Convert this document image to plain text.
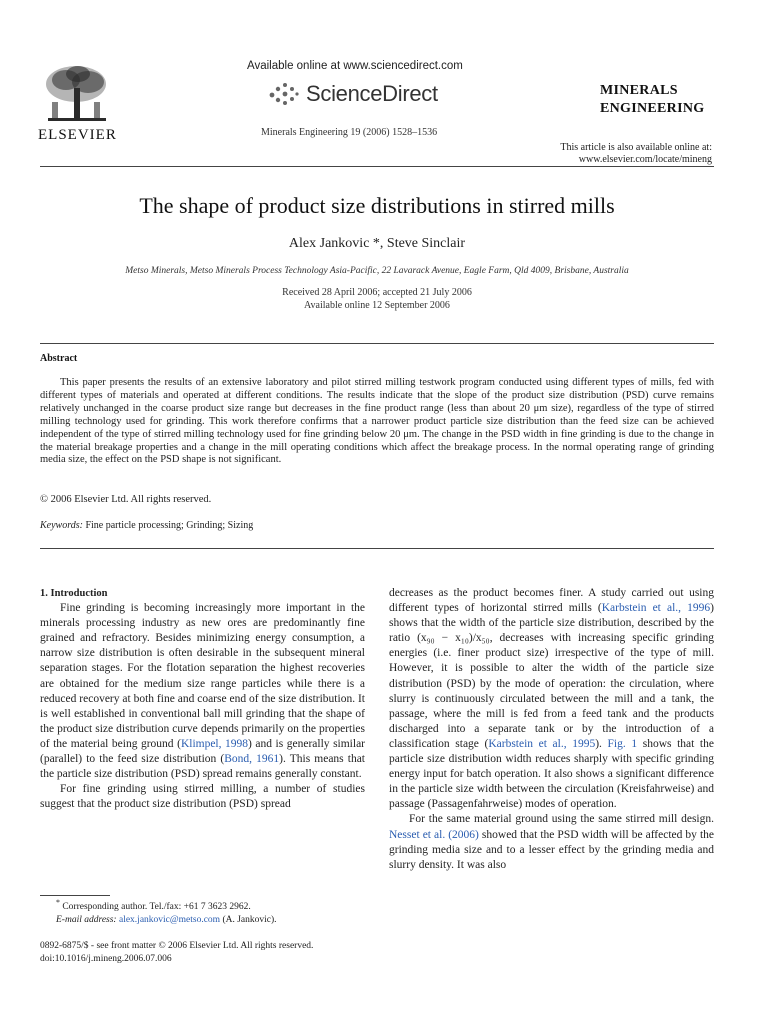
ELSEVIER
Available online at www.sciencedirect.com
ScienceDirect
Minerals Engineering 19 (2006) 1528–1536
MINERALS
ENGINEERING
This article is also available online at:
www.elsevier.com/locate/mineng
The shape of product size distributions in stirred mills
Alex Jankovic *, Steve Sinclair
Metso Minerals, Metso Minerals Process Technology Asia-Pacific, 22 Lavarack Avenue, Eagle Farm, Qld 4009, Brisbane, Australia
Received 28 April 2006; accepted 21 July 2006
Available online 12 September 2006
Abstract
This paper presents the results of an extensive laboratory and pilot stirred milling testwork program conducted using different types of mills, fed with different types of materials and operated at different conditions. The results indicate that the slope of the product size distribution (PSD) curve remains relatively unchanged in the coarse product size range but decreases in the fine product range (less than about 20 μm size), regardless of the type of stirred milling technology used for grinding. This work therefore confirms that a narrower product particle size distribution than the feed size can be achieved independent of the type of stirred milling technology used for fine grinding below 20 μm. The change in the PSD width in fine grinding is due to the change in the material breakage properties and a change in the mill operating conditions which affect the breakage process. In the normal operating range of grinding media size, the effect on the PSD shape is not significant.
© 2006 Elsevier Ltd. All rights reserved.
Keywords: Fine particle processing; Grinding; Sizing

1. Introduction

Fine grinding is becoming increasingly more important in the minerals processing industry as new ores are predominantly fine grained and refractory. Besides minimizing energy consumption, a narrow size distribution is often desirable in the subsequent mineral separation stages. For the flotation separation the highest recoveries are obtained for the medium size range particles while there is a reduced recovery at both fine and coarse end of the size distribution. It is well established in conventional ball mill grinding that the shape of the product size distribution curve depends primarily on the properties of the material being ground (Klimpel, 1998) and is generally similar (parallel) to the feed size distribution (Bond, 1961). This means that the particle size distribution (PSD) spread remains generally constant.

For fine grinding using stirred milling, a number of studies suggest that the product size distribution (PSD) spread

decreases as the product becomes finer. A study carried out using different types of horizontal stirred mills (Karbstein et al., 1996) shows that the width of the particle size distribution, described by the ratio (x₉₀ − x₁₀)/x₅₀, decreases with increasing specific grinding energies (i.e. finer product size) irrespective of the type of mill. However, it is possible to alter the width of the particle size distribution (PSD) by the mode of operation: the circulation, where slurry is continuously circulated between the mill and a tank, the passage, where the mill is fed from a feed tank and the products discharged into a separate tank or by the introduction of a classification stage (Karbstein et al., 1995). Fig. 1 shows that the particle size distribution width reduces sharply with specific grinding energy input for batch operation. It also shows a significant difference in the particle size width between the circulation (Kreisfahrweise) and passage (Passagenfahrweise) modes of operation.

For the same material ground using the same stirred mill design. Nesset et al. (2006) showed that the PSD width will be affected by the grinding media size and to a lesser effect by the grinding media and slurry density. It was also

* Corresponding author. Tel./fax: +61 7 3623 2962.
E-mail address: alex.jankovic@metso.com (A. Jankovic).
0892-6875/$ - see front matter © 2006 Elsevier Ltd. All rights reserved.
doi:10.1016/j.mineng.2006.07.006
